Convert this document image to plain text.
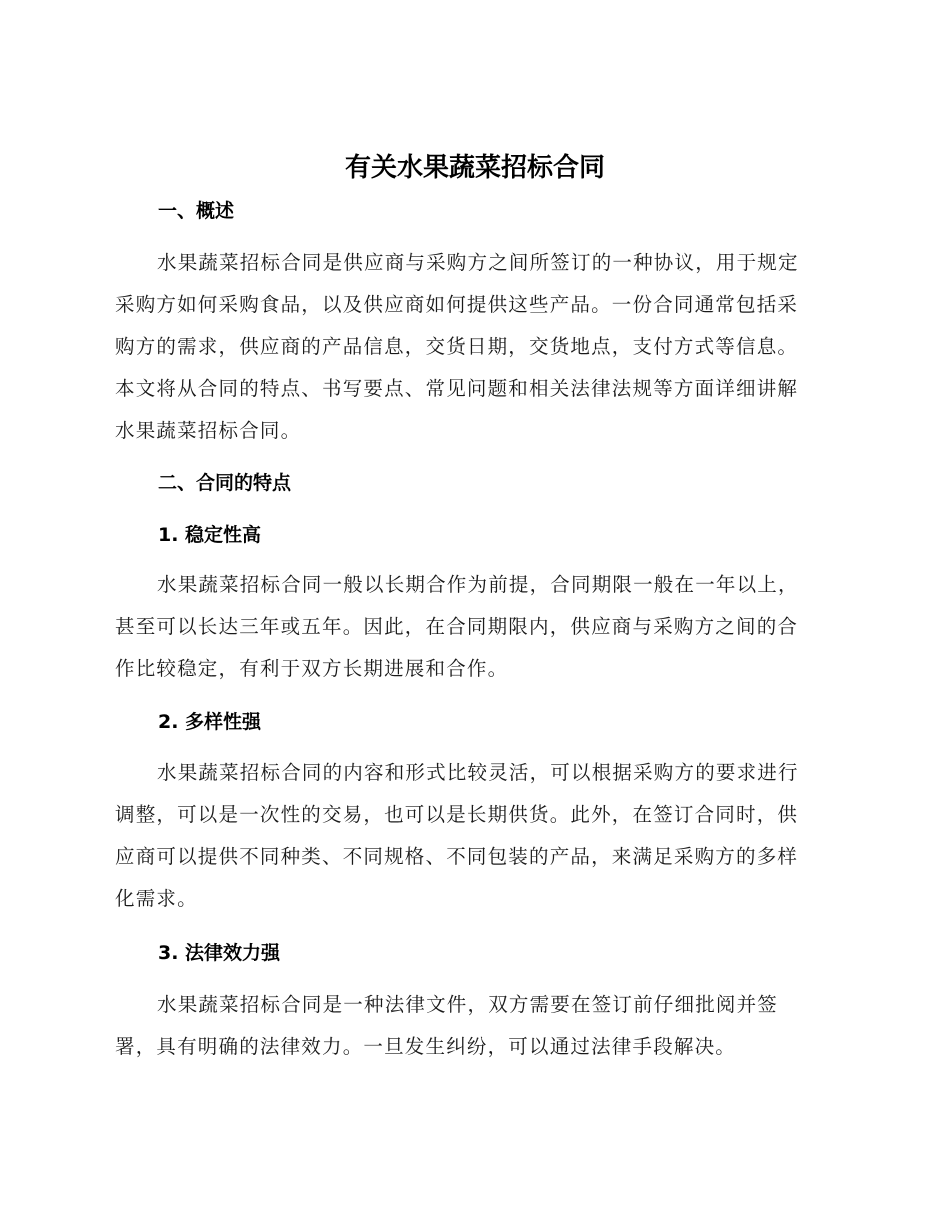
有关水果蔬菜招标合同
一、概述
水果蔬菜招标合同是供应商与采购方之间所签订的一种协议，用于规定
采购方如何采购食品，以及供应商如何提供这些产品。一份合同通常包括采
购方的需求，供应商的产品信息，交货日期，交货地点，支付方式等信息。
本文将从合同的特点、书写要点、常见问题和相关法律法规等方面详细讲解
水果蔬菜招标合同。
二、合同的特点
1. 稳定性高
水果蔬菜招标合同一般以长期合作为前提，合同期限一般在一年以上，
甚至可以长达三年或五年。因此，在合同期限内，供应商与采购方之间的合
作比较稳定，有利于双方长期进展和合作。
2. 多样性强
水果蔬菜招标合同的内容和形式比较灵活，可以根据采购方的要求进行
调整，可以是一次性的交易，也可以是长期供货。此外，在签订合同时，供
应商可以提供不同种类、不同规格、不同包装的产品，来满足采购方的多样
化需求。
3. 法律效力强
水果蔬菜招标合同是一种法律文件，双方需要在签订前仔细批阅并签
署，具有明确的法律效力。一旦发生纠纷，可以通过法律手段解决。
